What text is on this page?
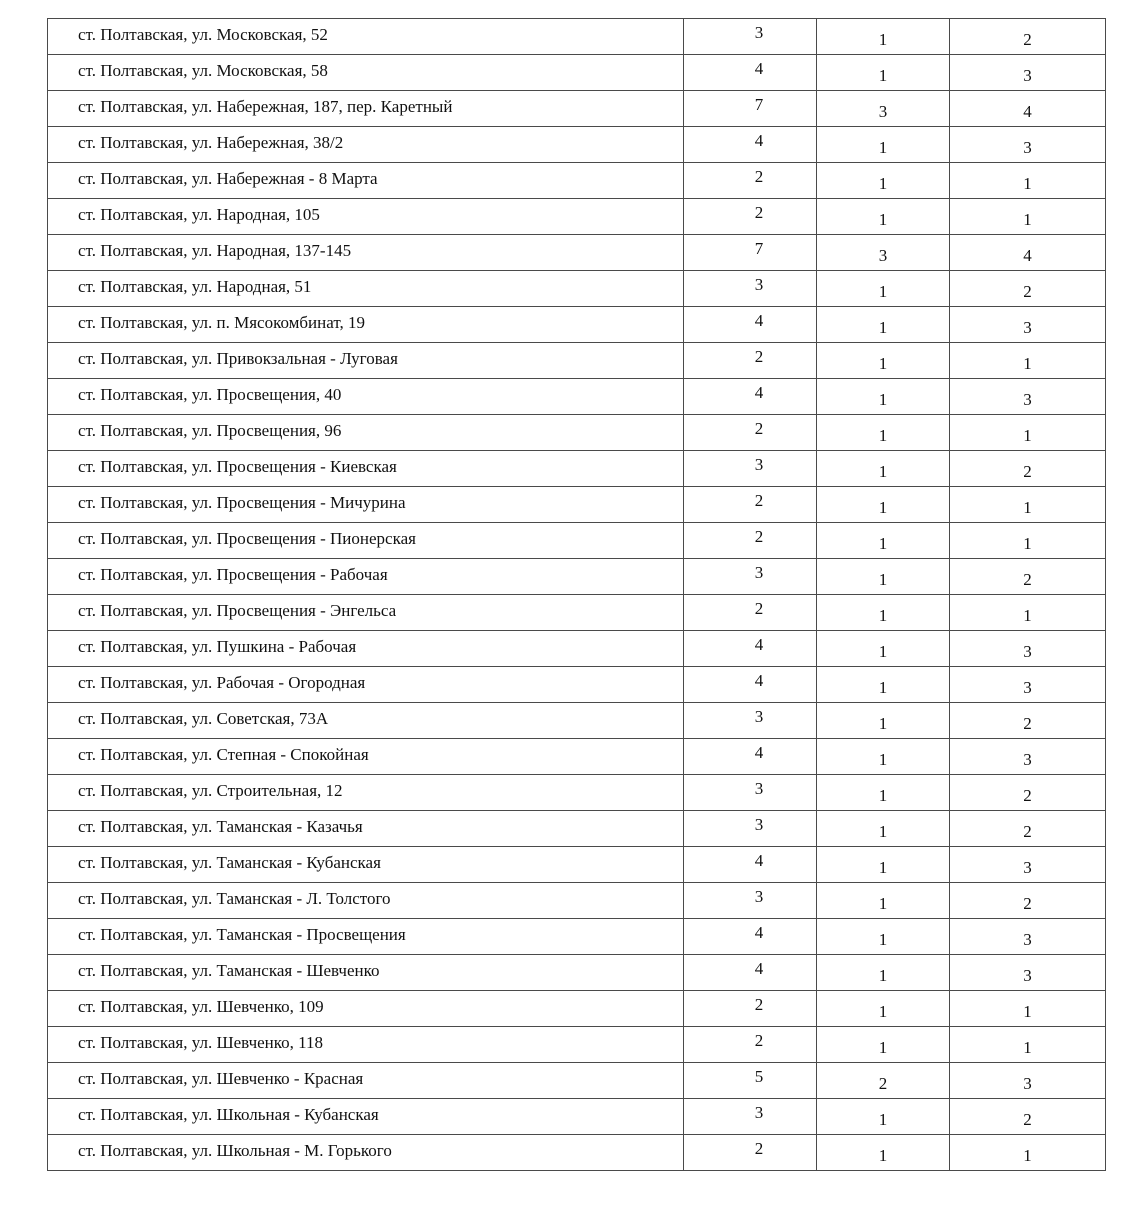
ст. Полтавская, ул. Московская, 52	3	1	2

ст. Полтавская, ул. Московская, 58	4	1	3

ст. Полтавская, ул. Набережная, 187, пер. Каретный	7	3	4

ст. Полтавская, ул. Набережная, 38/2	4	1	3

ст. Полтавская, ул. Набережная - 8 Марта	2	1	1

ст. Полтавская, ул. Народная, 105	2	1	1

ст. Полтавская, ул. Народная, 137-145	7	3	4

ст. Полтавская, ул. Народная, 51	3	1	2

ст. Полтавская, ул. п. Мясокомбинат, 19	4	1	3

ст. Полтавская, ул. Привокзальная - Луговая	2	1	1

ст. Полтавская, ул. Просвещения, 40	4	1	3

ст. Полтавская, ул. Просвещения, 96	2	1	1

ст. Полтавская, ул. Просвещения - Киевская	3	1	2

ст. Полтавская, ул. Просвещения - Мичурина	2	1	1

ст. Полтавская, ул. Просвещения - Пионерская	2	1	1

ст. Полтавская, ул. Просвещения - Рабочая	3	1	2

ст. Полтавская, ул. Просвещения - Энгельса	2	1	1

ст. Полтавская, ул. Пушкина - Рабочая	4	1	3

ст. Полтавская, ул. Рабочая - Огородная	4	1	3

ст. Полтавская, ул. Советская, 73А	3	1	2

ст. Полтавская, ул. Степная - Спокойная	4	1	3

ст. Полтавская, ул. Строительная, 12	3	1	2

ст. Полтавская, ул. Таманская - Казачья	3	1	2

ст. Полтавская, ул. Таманская - Кубанская	4	1	3

ст. Полтавская, ул. Таманская - Л. Толстого	3	1	2

ст. Полтавская, ул. Таманская - Просвещения	4	1	3

ст. Полтавская, ул. Таманская - Шевченко	4	1	3

ст. Полтавская, ул. Шевченко, 109	2	1	1

ст. Полтавская, ул. Шевченко, 118	2	1	1

ст. Полтавская, ул. Шевченко - Красная	5	2	3

ст. Полтавская, ул. Школьная - Кубанская	3	1	2

ст. Полтавская, ул. Школьная - М. Горького	2	1	1
